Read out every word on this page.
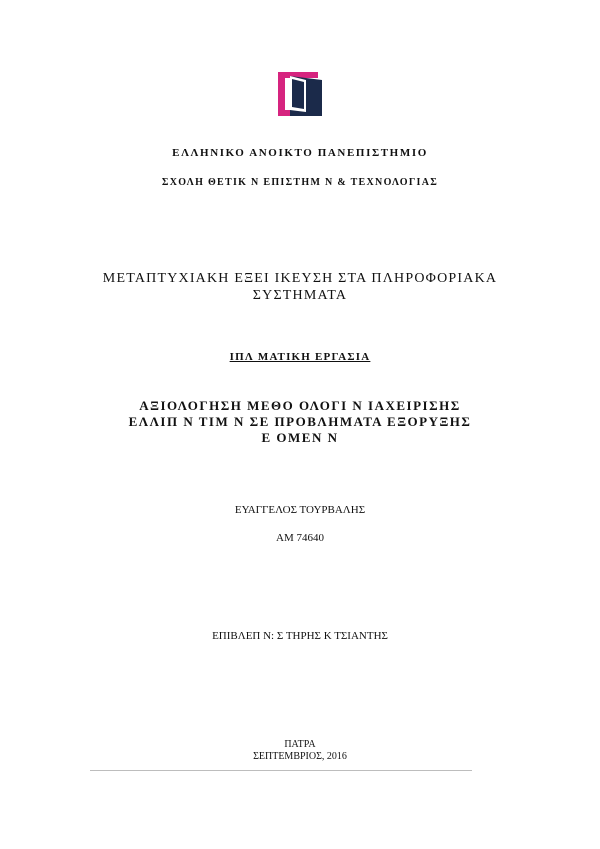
ΕΛΛΗΝΙΚΟ ΑΝΟΙΚΤΟ ΠΑΝΕΠΙΣΤΗΜΙΟ
ΣΧΟΛΗ ΘΕΤΙΚ Ν ΕΠΙΣΤΗΜ Ν & ΤΕΧΝΟΛΟΓΙΑΣ
ΜΕΤΑΠΤΥΧΙΑΚΗ ΕΞΕΙ ΙΚΕΥΣΗ ΣΤΑ ΠΛΗΡΟΦΟΡΙΑΚΑ
ΣΥΣΤΗΜΑΤΑ
ΙΠΛ ΜΑΤΙΚΗ ΕΡΓΑΣΙΑ
ΑΞΙΟΛΟΓΗΣΗ ΜΕΘΟ ΟΛΟΓΙ Ν ΙΑΧΕΙΡΙΣΗΣ
ΕΛΛΙΠ Ν ΤΙΜ Ν ΣΕ ΠΡΟΒΛΗΜΑΤΑ ΕΞΟΡΥΞΗΣ
Ε ΟΜΕΝ Ν
ΕΥΑΓΓΕΛΟΣ ΤΟΥΡΒΑΛΗΣ
ΑΜ 74640
ΕΠΙΒΛΕΠ Ν: Σ ΤΗΡΗΣ Κ ΤΣΙΑΝΤΗΣ
ΠΑΤΡΑ
ΣΕΠΤΕΜΒΡΙΟΣ, 2016
